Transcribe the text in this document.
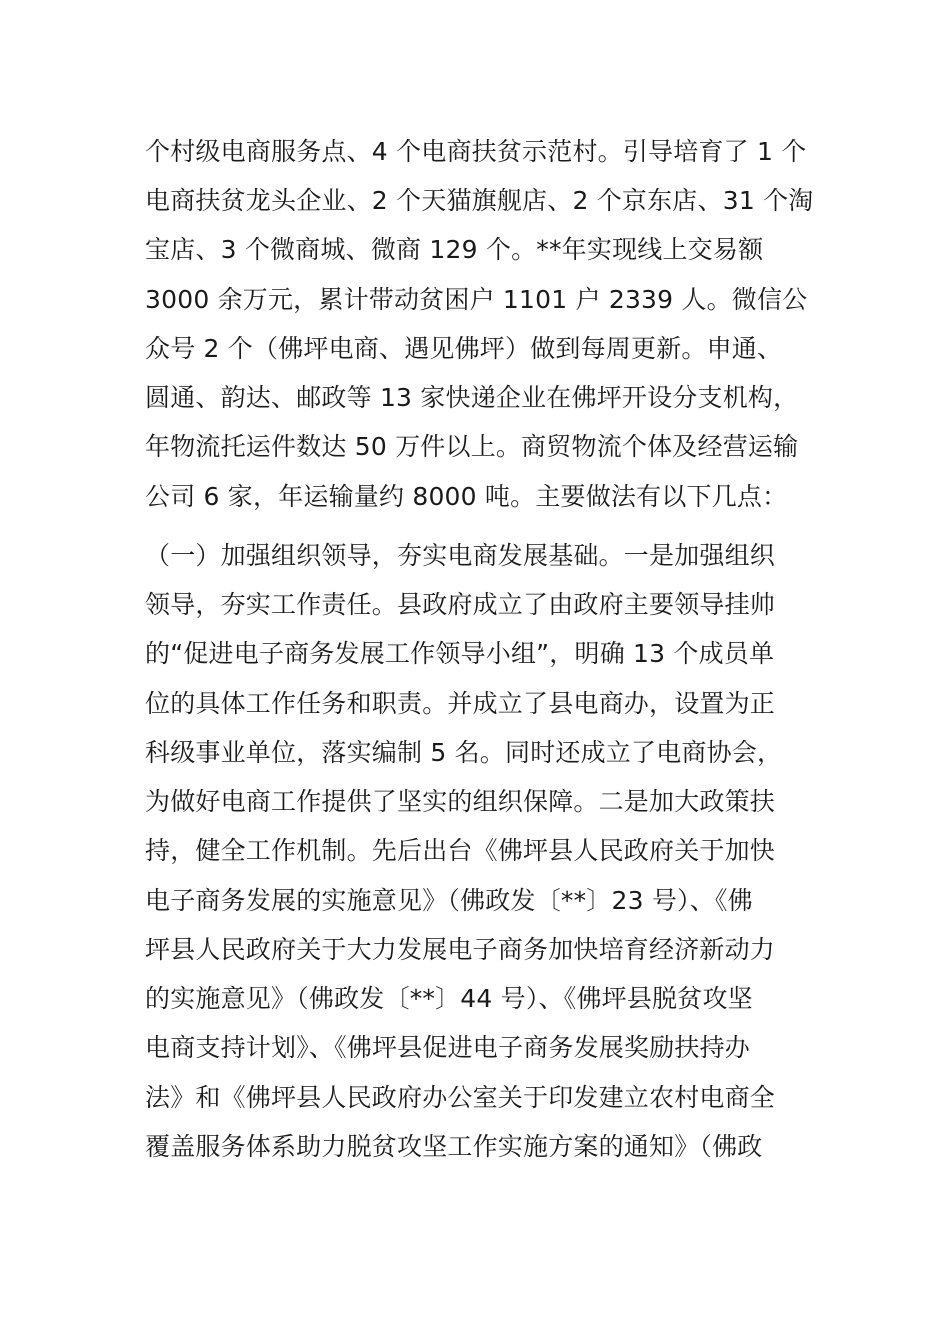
个村级电商服务点、4 个电商扶贫示范村。引导培育了 1 个
电商扶贫龙头企业、2 个天猫旗舰店、2 个京东店、31 个淘
宝店、3 个微商城、微商 129 个。**年实现线上交易额
3000 余万元，累计带动贫困户 1101 户 2339 人。微信公
众号 2 个（佛坪电商、遇见佛坪）做到每周更新。申通、
圆通、韵达、邮政等 13 家快递企业在佛坪开设分支机构，
年物流托运件数达 50 万件以上。商贸物流个体及经营运输
公司 6 家，年运输量约 8000 吨。主要做法有以下几点：
（一）加强组织领导，夯实电商发展基础。一是加强组织
领导，夯实工作责任。县政府成立了由政府主要领导挂帅
的“促进电子商务发展工作领导小组”，明确 13 个成员单
位的具体工作任务和职责。并成立了县电商办，设置为正
科级事业单位，落实编制 5 名。同时还成立了电商协会，
为做好电商工作提供了坚实的组织保障。二是加大政策扶
持，健全工作机制。先后出台《佛坪县人民政府关于加快
电子商务发展的实施意见》（佛政发〔**〕23 号）、《佛
坪县人民政府关于大力发展电子商务加快培育经济新动力
的实施意见》（佛政发〔**〕44 号）、《佛坪县脱贫攻坚
电商支持计划》、《佛坪县促进电子商务发展奖励扶持办
法》和《佛坪县人民政府办公室关于印发建立农村电商全
覆盖服务体系助力脱贫攻坚工作实施方案的通知》（佛政
